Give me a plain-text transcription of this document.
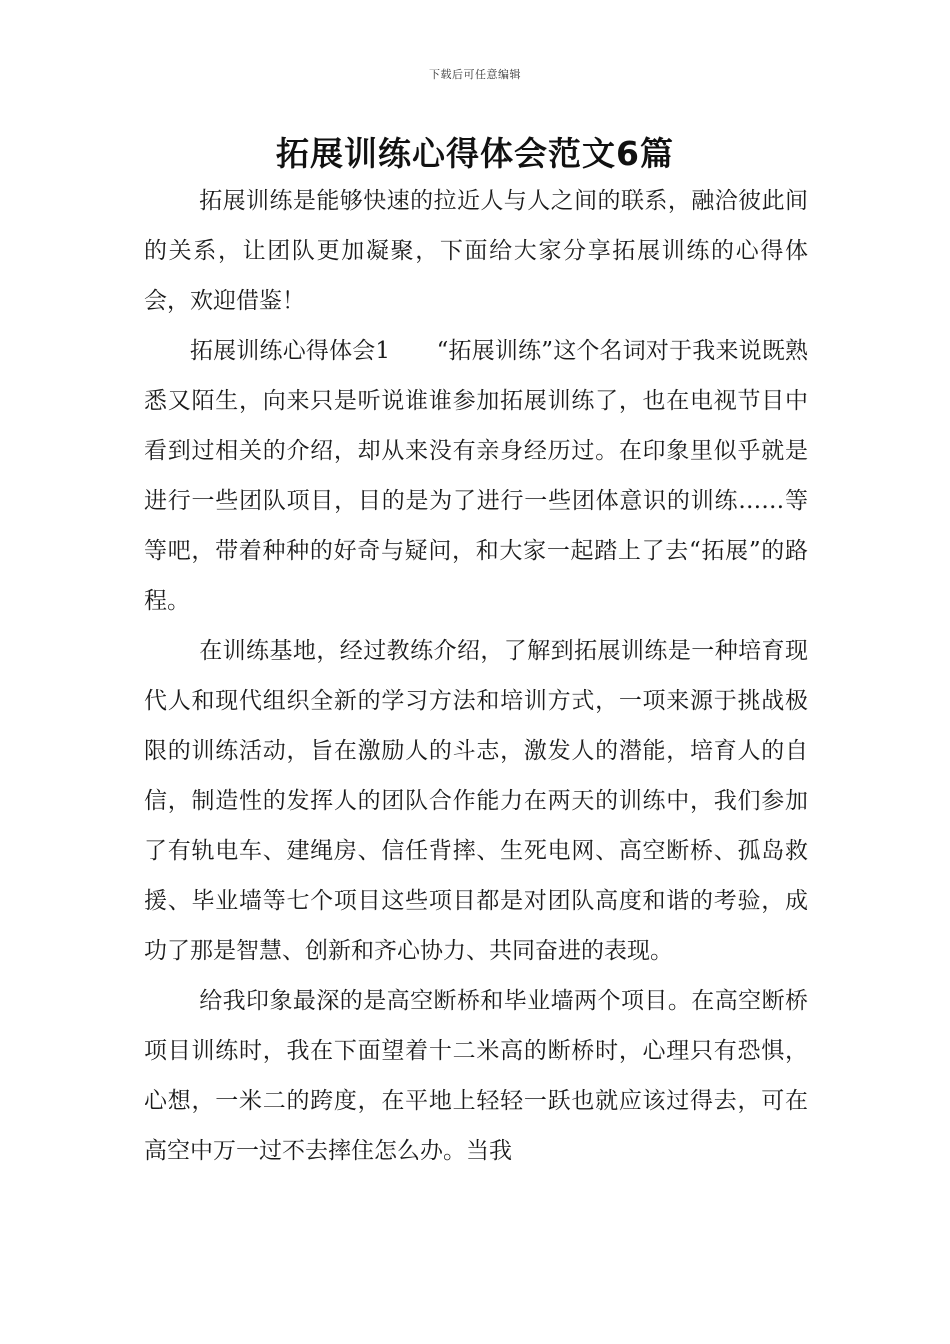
下载后可任意编辑
拓展训练心得体会范文6篇

拓展训练是能够快速的拉近人与人之间的联系，融洽彼此间的关系，让团队更加凝聚，下面给大家分享拓展训练的心得体会，欢迎借鉴！

拓展训练心得体会1　　“拓展训练”这个名词对于我来说既熟悉又陌生，向来只是听说谁谁参加拓展训练了，也在电视节目中看到过相关的介绍，却从来没有亲身经历过。在印象里似乎就是进行一些团队项目，目的是为了进行一些团体意识的训练……等等吧，带着种种的好奇与疑问，和大家一起踏上了去“拓展”的路程。

在训练基地，经过教练介绍，了解到拓展训练是一种培育现代人和现代组织全新的学习方法和培训方式，一项来源于挑战极限的训练活动，旨在激励人的斗志，激发人的潜能，培育人的自信，制造性的发挥人的团队合作能力在两天的训练中，我们参加了有轨电车、建绳房、信任背摔、生死电网、高空断桥、孤岛救援、毕业墙等七个项目这些项目都是对团队高度和谐的考验，成功了那是智慧、创新和齐心协力、共同奋进的表现。

给我印象最深的是高空断桥和毕业墙两个项目。在高空断桥项目训练时，我在下面望着十二米高的断桥时，心理只有恐惧，心想，一米二的跨度，在平地上轻轻一跃也就应该过得去，可在高空中万一过不去摔住怎么办。当我
